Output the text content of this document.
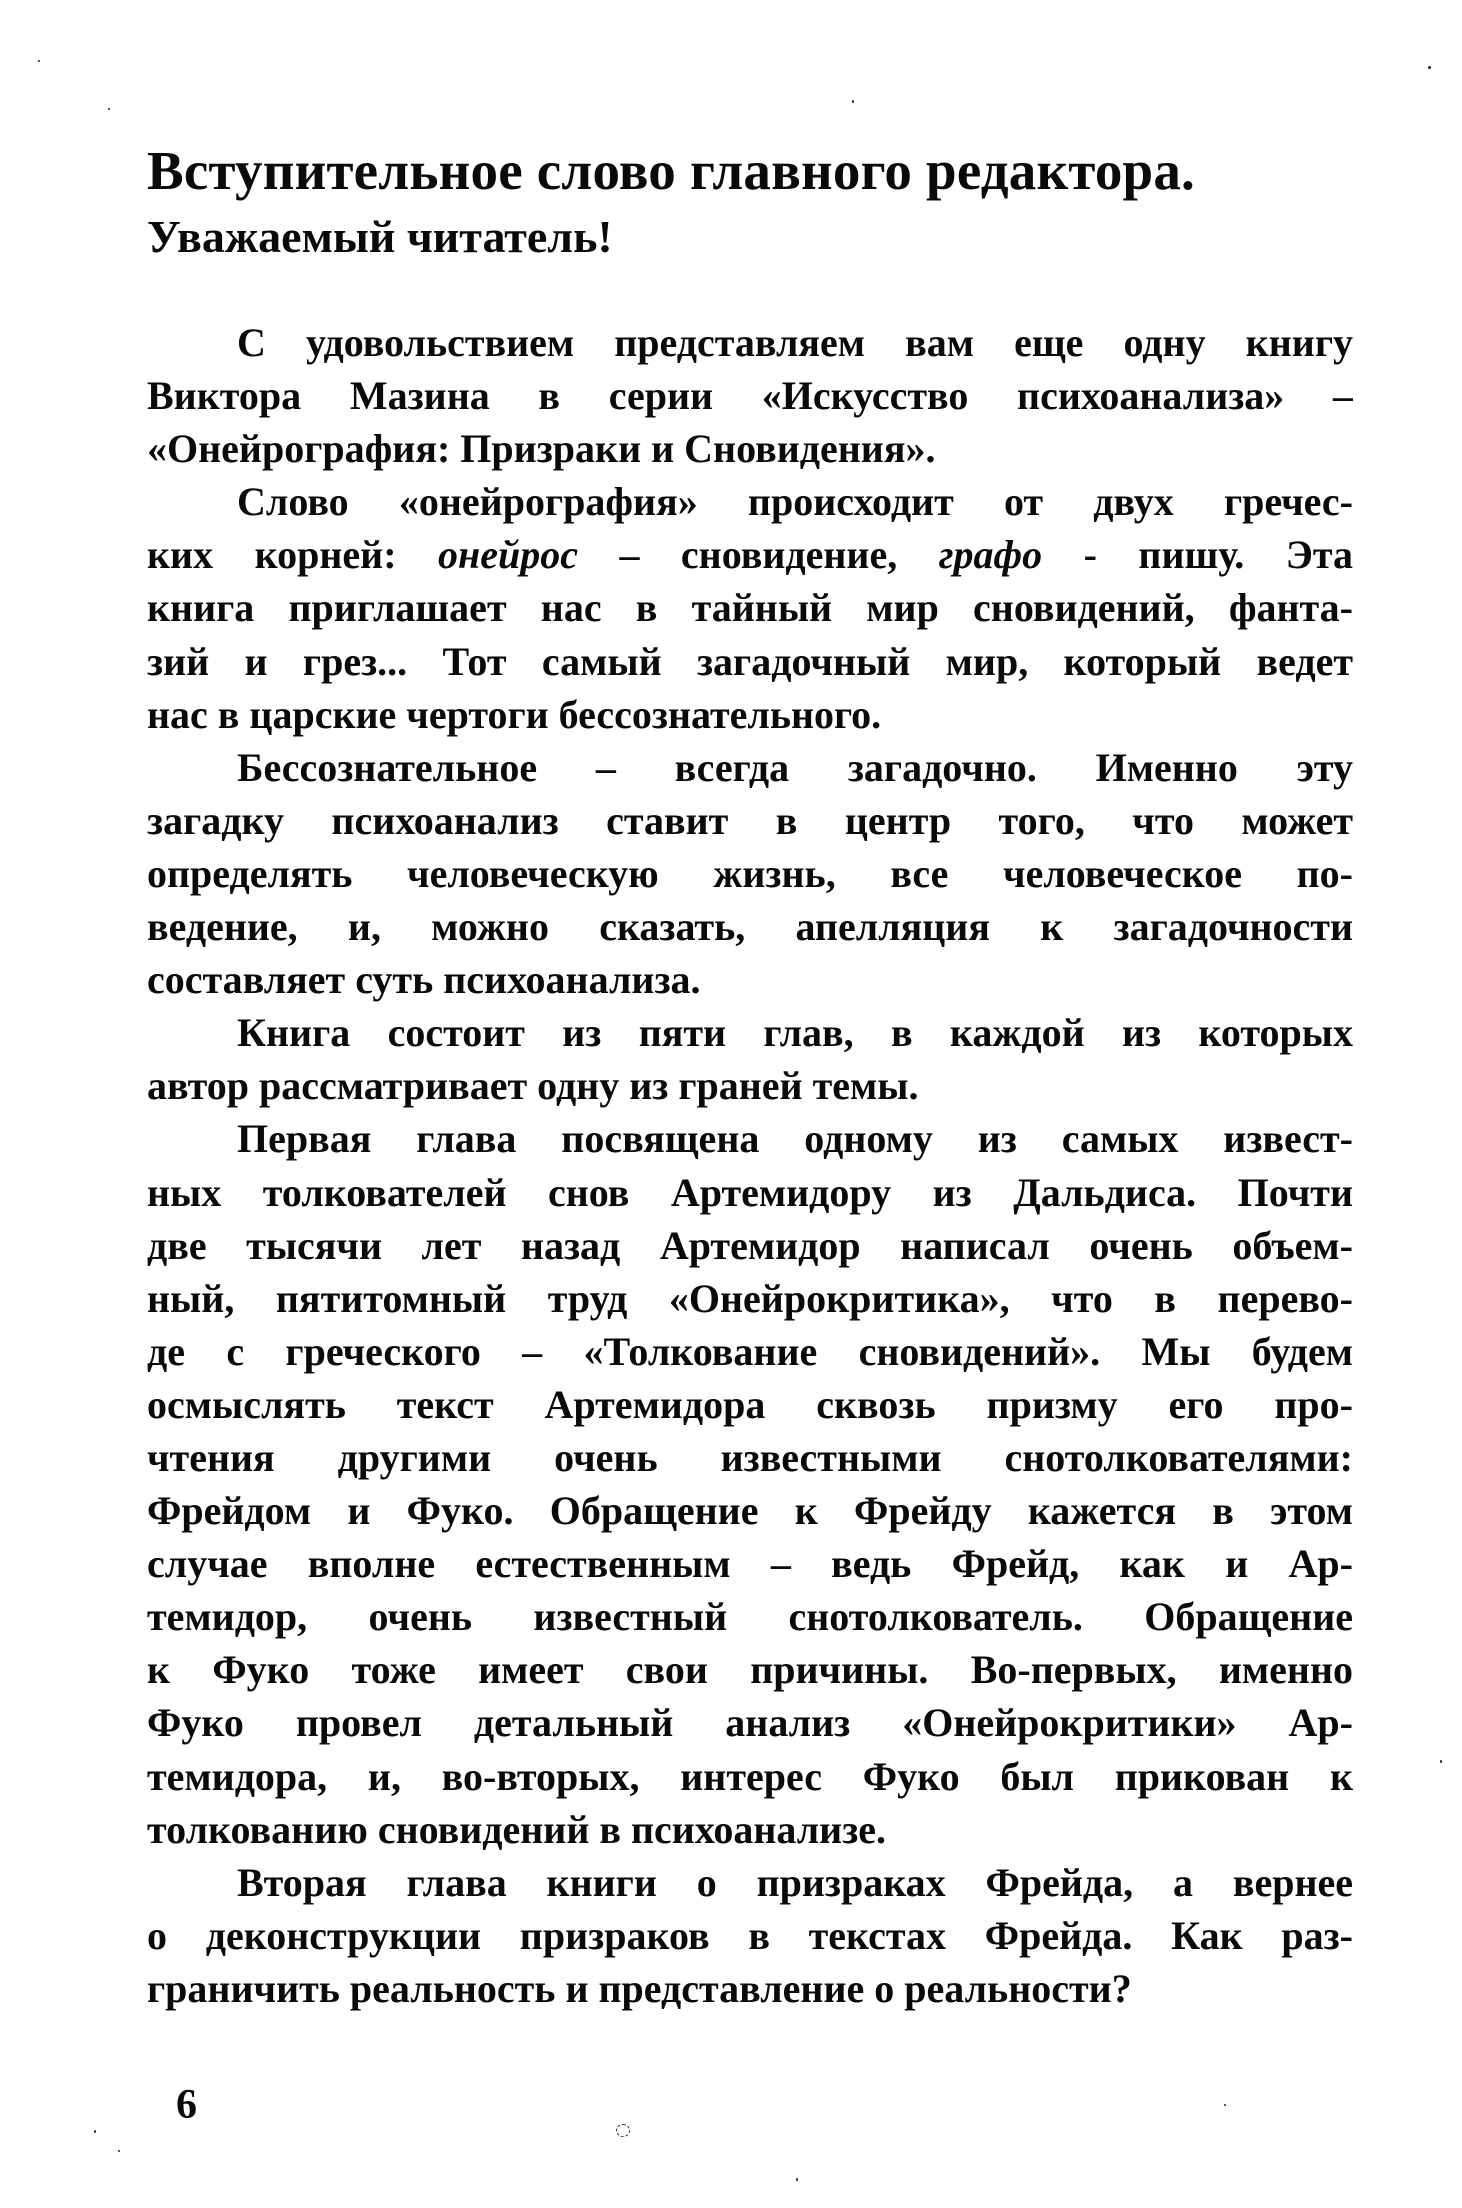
Вступительное слово главного редактора.
Уважаемый читатель!
С удовольствием представляем вам еще одну книгу
Виктора Мазина в серии «Искусство психоанализа» –
«Онейрография: Призраки и Сновидения».
Слово «онейрография» происходит от двух гречес-
ких корней: онейрос – сновидение, графо - пишу. Эта
книга приглашает нас в тайный мир сновидений, фанта-
зий и грез... Тот самый загадочный мир, который ведет
нас в царские чертоги бессознательного.
Бессознательное – всегда загадочно. Именно эту
загадку психоанализ ставит в центр того, что может
определять человеческую жизнь, все человеческое по-
ведение, и, можно сказать, апелляция к загадочности
составляет суть психоанализа.
Книга состоит из пяти глав, в каждой из которых
автор рассматривает одну из граней темы.
Первая глава посвящена одному из самых извест-
ных толкователей снов Артемидору из Дальдиса. Почти
две тысячи лет назад Артемидор написал очень объем-
ный, пятитомный труд «Онейрокритика», что в перево-
де с греческого – «Толкование сновидений». Мы будем
осмыслять текст Артемидора сквозь призму его про-
чтения другими очень известными снотолкователями:
Фрейдом и Фуко. Обращение к Фрейду кажется в этом
случае вполне естественным – ведь Фрейд, как и Ар-
темидор, очень известный снотолкователь. Обращение
к Фуко тоже имеет свои причины. Во-первых, именно
Фуко провел детальный анализ «Онейрокритики» Ар-
темидора, и, во-вторых, интерес Фуко был прикован к
толкованию сновидений в психоанализе.
Вторая глава книги о призраках Фрейда, а вернее
о деконструкции призраков в текстах Фрейда. Как раз-
граничить реальность и представление о реальности?
6
